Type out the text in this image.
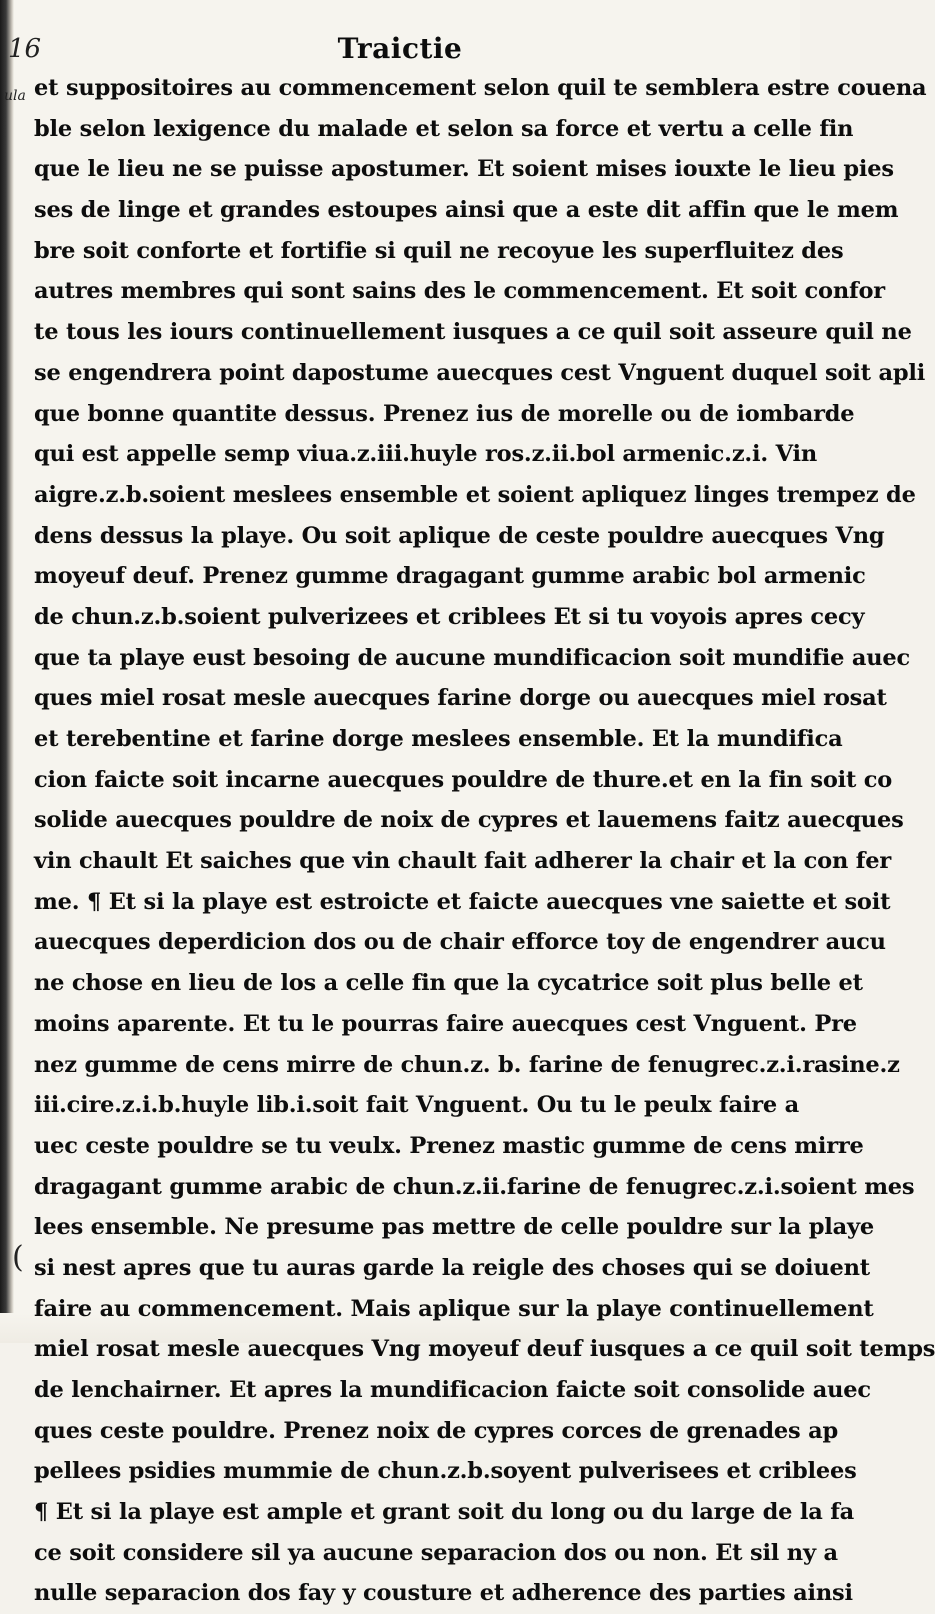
16
ula
(
Traictie
et suppositoires au commencement selon quil te semblera estre couena
ble selon lexigence du malade et selon sa force et vertu a celle fin
que le lieu ne se puisse apostumer. Et soient mises iouxte le lieu pies
ses de linge et grandes estoupes ainsi que a este dit affin que le mem
bre soit conforte et fortifie si quil ne recoyue les superfluitez des
autres membres qui sont sains des le commencement. Et soit confor
te tous les iours continuellement iusques a ce quil soit asseure quil ne
se engendrera point dapostume auecques cest Vnguent duquel soit apli
que bonne quantite dessus. Prenez ius de morelle ou de iombarde
qui est appelle semp viua.z.iii.huyle ros.z.ii.bol armenic.z.i. Vin
aigre.z.b.soient meslees ensemble et soient apliquez linges trempez de
dens dessus la playe. Ou soit aplique de ceste pouldre auecques Vng
moyeuf deuf. Prenez gumme dragagant gumme arabic bol armenic
de chun.z.b.soient pulverizees et criblees Et si tu voyois apres cecy
que ta playe eust besoing de aucune mundificacion soit mundifie auec
ques miel rosat mesle auecques farine dorge ou auecques miel rosat
et terebentine et farine dorge meslees ensemble. Et la mundifica
cion faicte soit incarne auecques pouldre de thure.et en la fin soit co
solide auecques pouldre de noix de cypres et lauemens faitz auecques
vin chault Et saiches que vin chault fait adherer la chair et la con fer
me. ¶ Et si la playe est estroicte et faicte auecques vne saiette et soit
auecques deperdicion dos ou de chair efforce toy de engendrer aucu
ne chose en lieu de los a celle fin que la cycatrice soit plus belle et
moins aparente. Et tu le pourras faire auecques cest Vnguent. Pre
nez gumme de cens mirre de chun.z. b. farine de fenugrec.z.i.rasine.z
iii.cire.z.i.b.huyle lib.i.soit fait Vnguent. Ou tu le peulx faire a
uec ceste pouldre se tu veulx. Prenez mastic gumme de cens mirre
dragagant gumme arabic de chun.z.ii.farine de fenugrec.z.i.soient mes
lees ensemble. Ne presume pas mettre de celle pouldre sur la playe
si nest apres que tu auras garde la reigle des choses qui se doiuent
faire au commencement. Mais aplique sur la playe continuellement
miel rosat mesle auecques Vng moyeuf deuf iusques a ce quil soit temps
de lenchairner. Et apres la mundificacion faicte soit consolide auec
ques ceste pouldre. Prenez noix de cypres corces de grenades ap
pellees psidies mummie de chun.z.b.soyent pulverisees et criblees
¶ Et si la playe est ample et grant soit du long ou du large de la fa
ce soit considere sil ya aucune separacion dos ou non. Et sil ny a
nulle separacion dos fay y cousture et adherence des parties ainsi
